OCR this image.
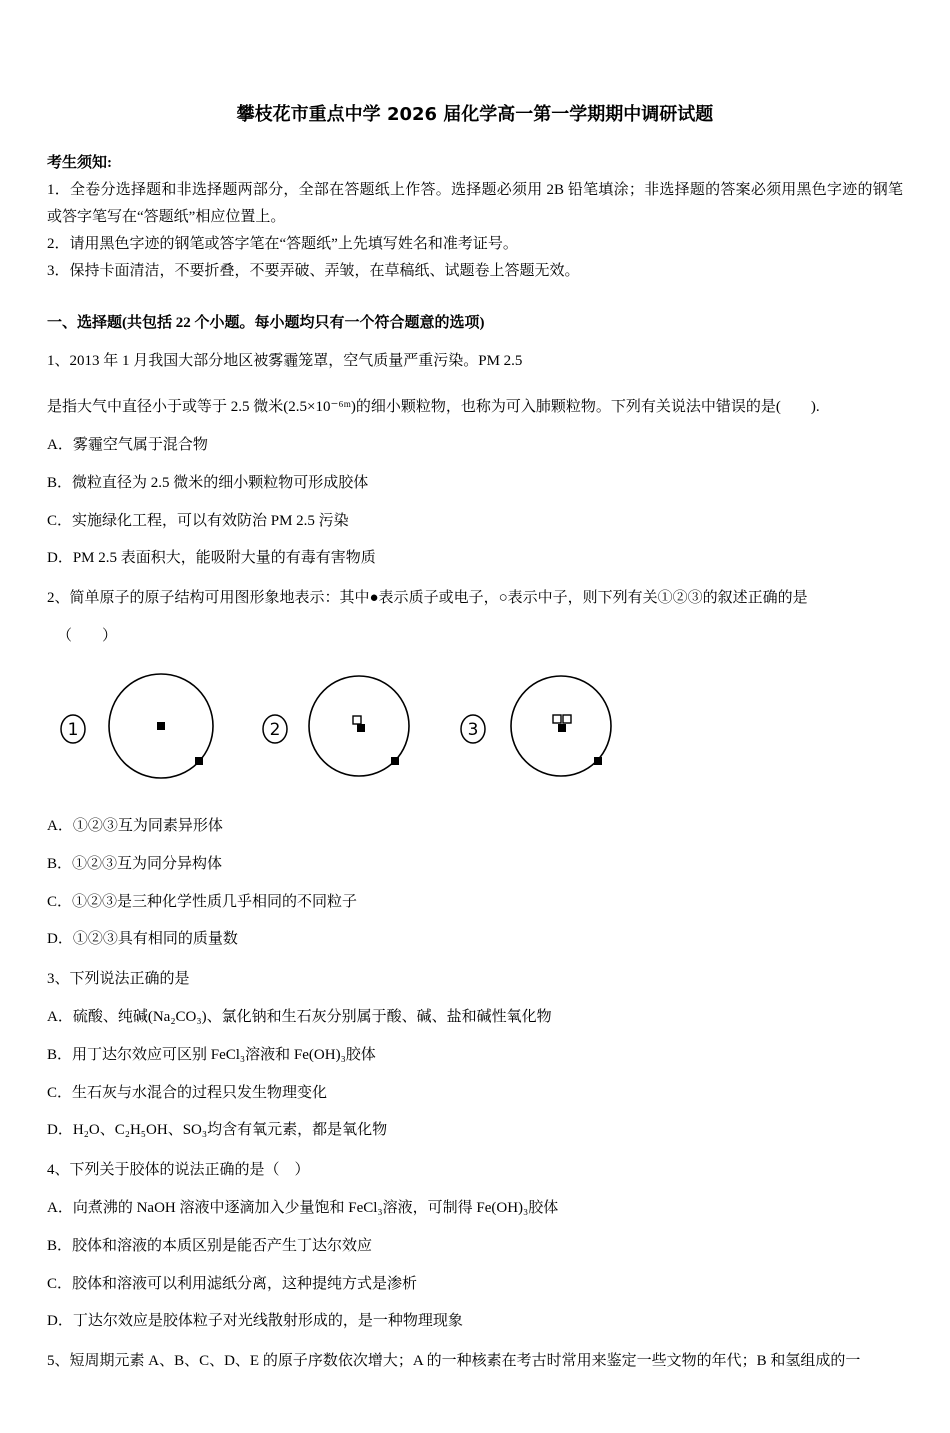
攀枝花市重点中学 2026 届化学高一第一学期期中调研试题

考生须知:

1．全卷分选择题和非选择题两部分，全部在答题纸上作答。选择题必须用 2B 铅笔填涂；非选择题的答案必须用黑色字迹的钢笔或答字笔写在“答题纸”相应位置上。

2．请用黑色字迹的钢笔或答字笔在“答题纸”上先填写姓名和准考证号。

3．保持卡面清洁，不要折叠，不要弄破、弄皱，在草稿纸、试题卷上答题无效。

一、选择题(共包括 22 个小题。每小题均只有一个符合题意的选项)

1、2013 年 1 月我国大部分地区被雾霾笼罩，空气质量严重污染。PM 2.5

是指大气中直径小于或等于 2.5 微米(2.5×10⁻⁶ᵐ)的细小颗粒物，也称为可入肺颗粒物。下列有关说法中错误的是(　　).

A．雾霾空气属于混合物

B．微粒直径为 2.5 微米的细小颗粒物可形成胶体

C．实施绿化工程，可以有效防治 PM 2.5 污染

D．PM 2.5 表面积大，能吸附大量的有毒有害物质

2、简单原子的原子结构可用图形象地表示：其中●表示质子或电子，○表示中子，则下列有关①②③的叙述正确的是

（　　）

1	2	3

A．①②③互为同素异形体

B．①②③互为同分异构体

C．①②③是三种化学性质几乎相同的不同粒子

D．①②③具有相同的质量数

3、下列说法正确的是

A．硫酸、纯碱(Na₂CO₃)、氯化钠和生石灰分别属于酸、碱、盐和碱性氧化物

B．用丁达尔效应可区别 FeCl₃溶液和 Fe(OH)₃胶体

C．生石灰与水混合的过程只发生物理变化

D．H₂O、C₂H₅OH、SO₃均含有氧元素，都是氧化物

4、下列关于胶体的说法正确的是（　）

A．向煮沸的 NaOH 溶液中逐滴加入少量饱和 FeCl₃溶液，可制得 Fe(OH)₃胶体

B．胶体和溶液的本质区别是能否产生丁达尔效应

C．胶体和溶液可以利用滤纸分离，这种提纯方式是渗析

D．丁达尔效应是胶体粒子对光线散射形成的，是一种物理现象

5、短周期元素 A、B、C、D、E 的原子序数依次增大；A 的一种核素在考古时常用来鉴定一些文物的年代；B 和氢组成的一
